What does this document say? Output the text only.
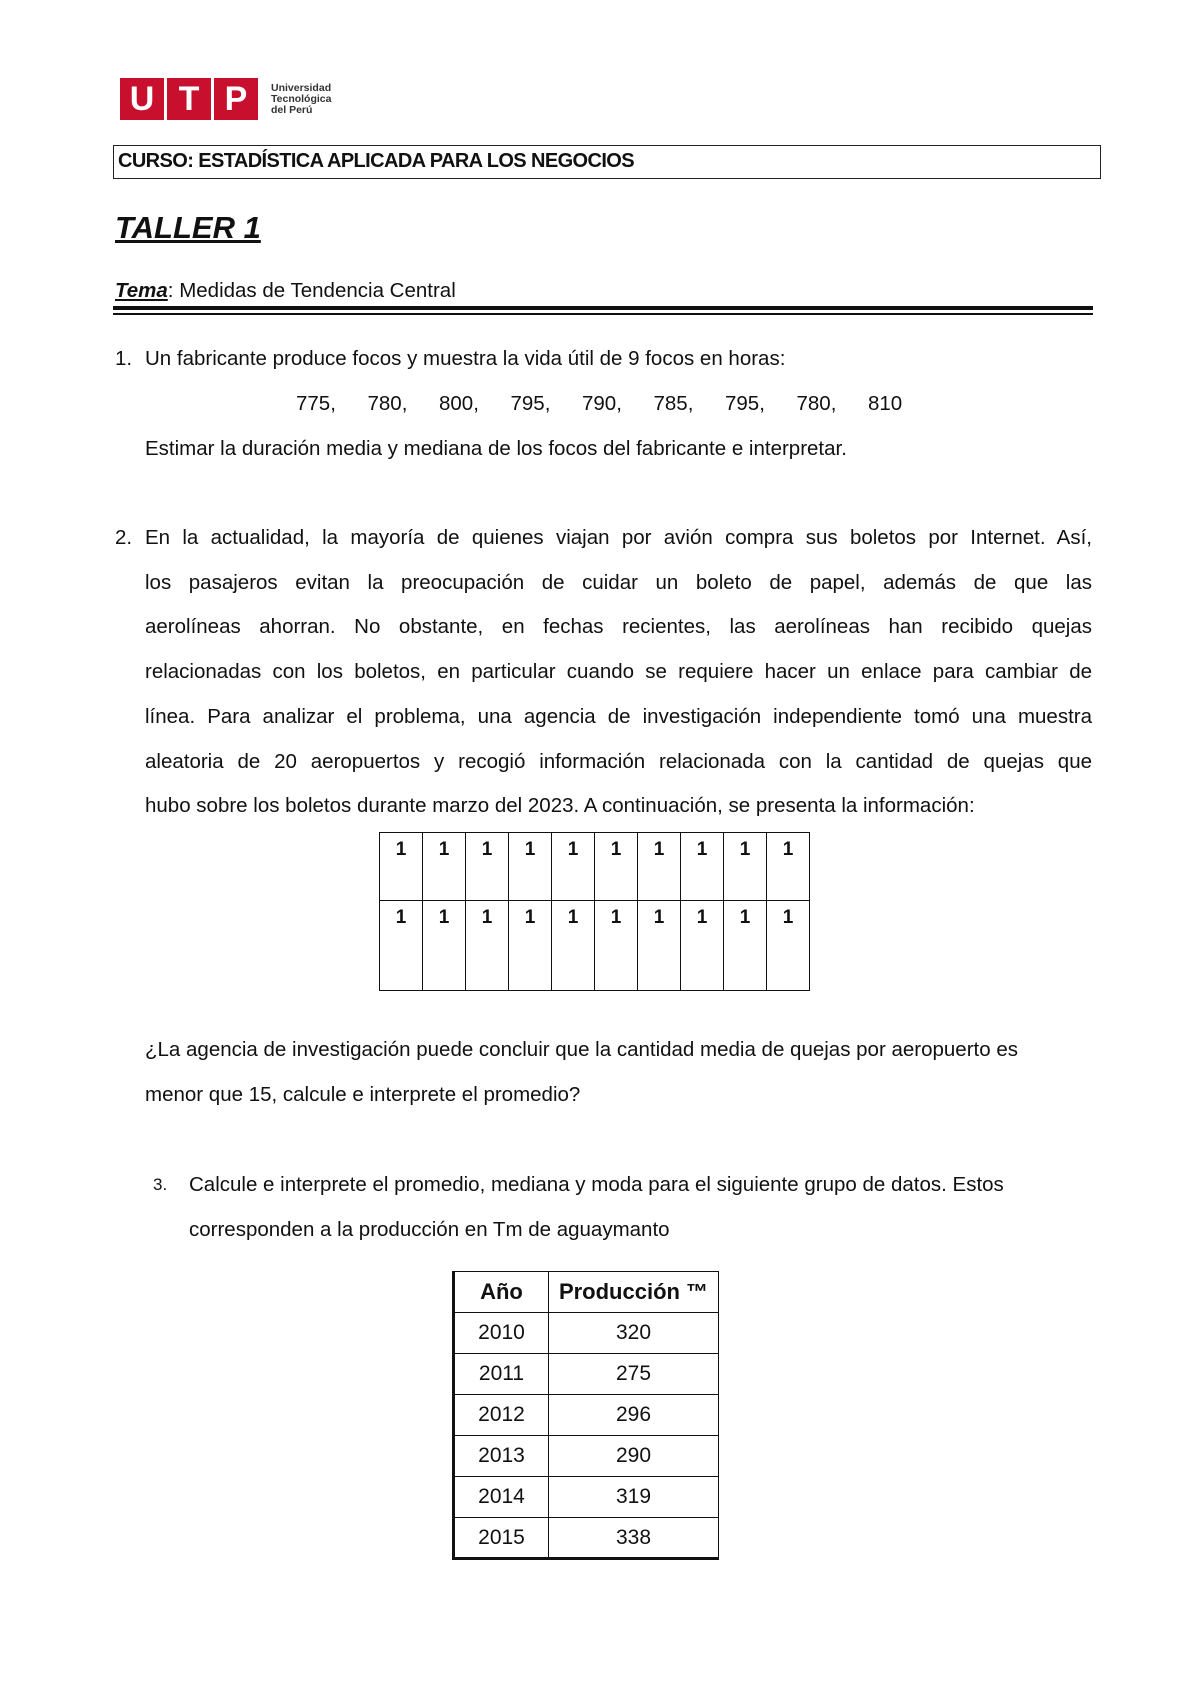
U T P	Universidad
Tecnológica
del Perú
CURSO: ESTADÍSTICA APLICADA PARA LOS NEGOCIOS
TALLER 1
Tema: Medidas de Tendencia Central
1. Un fabricante produce focos y muestra la vida útil de 9 focos en horas:
775,	780,	800,	795,	790,	785,	795,	780,	810
Estimar la duración media y mediana de los focos del fabricante e interpretar.
2. En la actualidad, la mayoría de quienes viajan por avión compra sus boletos por Internet. Así,
los pasajeros evitan la preocupación de cuidar un boleto de papel, además de que las
aerolíneas ahorran. No obstante, en fechas recientes, las aerolíneas han recibido quejas
relacionadas con los boletos, en particular cuando se requiere hacer un enlace para cambiar de
línea. Para analizar el problema, una agencia de investigación independiente tomó una muestra
aleatoria de 20 aeropuertos y recogió información relacionada con la cantidad de quejas que
hubo sobre los boletos durante marzo del 2023. A continuación, se presenta la información:
1	1	1	1	1	1	1	1	1	1
1	1	1	1	1	1	1	1	1	1
¿La agencia de investigación puede concluir que la cantidad media de quejas por aeropuerto es
menor que 15, calcule e interprete el promedio?
3. Calcule e interprete el promedio, mediana y moda para el siguiente grupo de datos. Estos
corresponden a la producción en Tm de aguaymanto
Año	Producción ™
2010	320
2011	275
2012	296
2013	290
2014	319
2015	338
